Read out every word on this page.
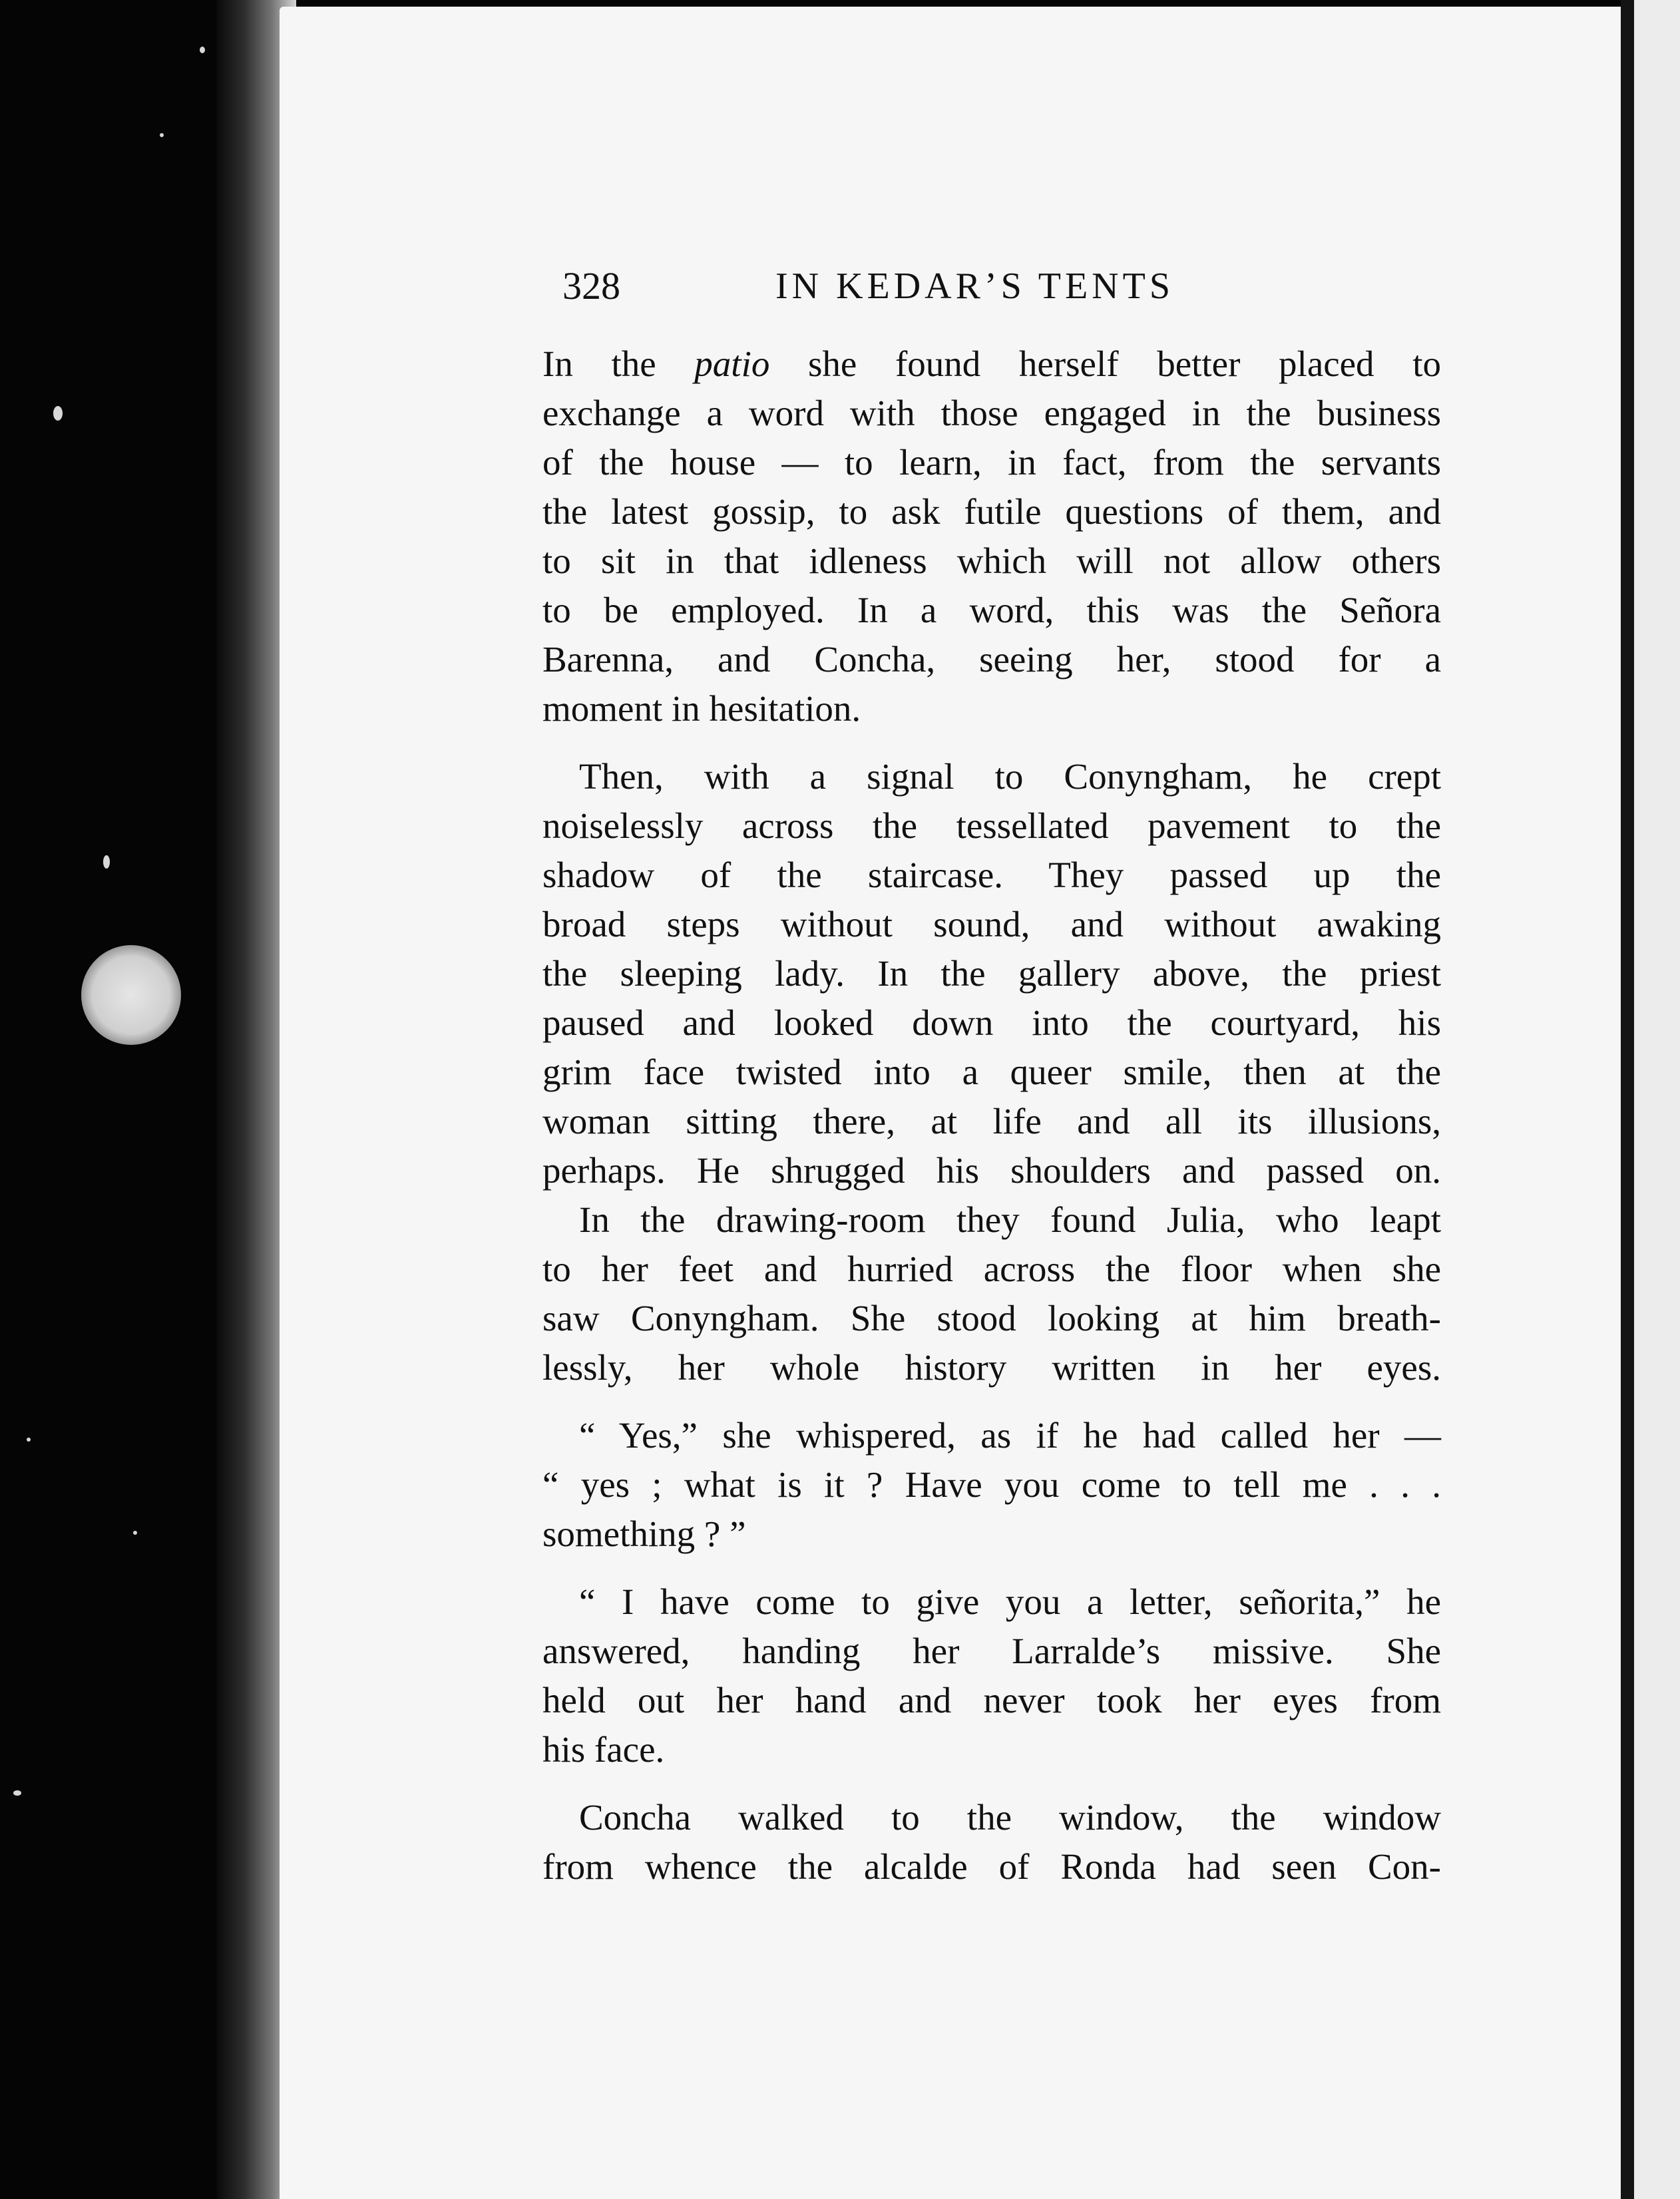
328	IN KEDAR’S TENTS
In the patio she found herself better placed to
exchange a word with those engaged in the business
of the house — to learn, in fact, from the servants
the latest gossip, to ask futile questions of them, and
to sit in that idleness which will not allow others
to be employed. In a word, this was the Señora
Barenna, and Concha, seeing her, stood for a
moment in hesitation.
Then, with a signal to Conyngham, he crept
noiselessly across the tessellated pavement to the
shadow of the staircase. They passed up the
broad steps without sound, and without awaking
the sleeping lady. In the gallery above, the priest
paused and looked down into the courtyard, his
grim face twisted into a queer smile, then at the
woman sitting there, at life and all its illusions,
perhaps. He shrugged his shoulders and passed on.
In the drawing-room they found Julia, who leapt
to her feet and hurried across the floor when she
saw Conyngham. She stood looking at him breath-
lessly, her whole history written in her eyes.
“ Yes,” she whispered, as if he had called her —
“ yes ; what is it ? Have you come to tell me . . .
something ? ”
“ I have come to give you a letter, señorita,” he
answered, handing her Larralde’s missive. She
held out her hand and never took her eyes from
his face.
Concha walked to the window, the window
from whence the alcalde of Ronda had seen Con-
